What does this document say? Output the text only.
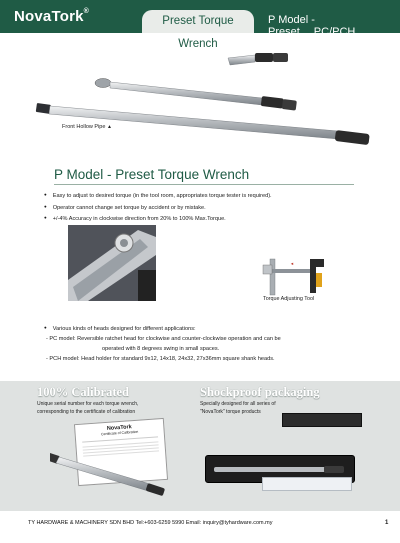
NovaTork®
Preset Torque Wrench
P Model - Preset PC/PCH
Front Hollow Pipe ▲
P Model - Preset Torque Wrench
● Easy to adjust to desired torque (in the tool room, appropriates torque tester is required).
● Operator cannot change set torque by accident or by mistake.
● +/-4% Accuracy in clockwise direction from 20% to 100% Max.Torque.
◄
Torque Adjusting Tool
● Various kinds of heads designed for different applications:
- PC model: Reversible ratchet head for clockwise and counter-clockwise operation and can be
operated with 8 degrees swing in small spaces.
- PCH model: Head holder for standard 9x12, 14x18, 24x32, 27x36mm square shank heads.
100% Calibrated
Unique serial number for each torque wrench,
corresponding to the certificate of calibration
NovaTork
Certificate of Calibration
Shockproof packaging
Specially designed for all series of
"NovaTork" torque products
TY HARDWARE & MACHINERY SDN BHD Tel:+603-6259 5990 Email: inquiry@tyhardware.com.my	1
